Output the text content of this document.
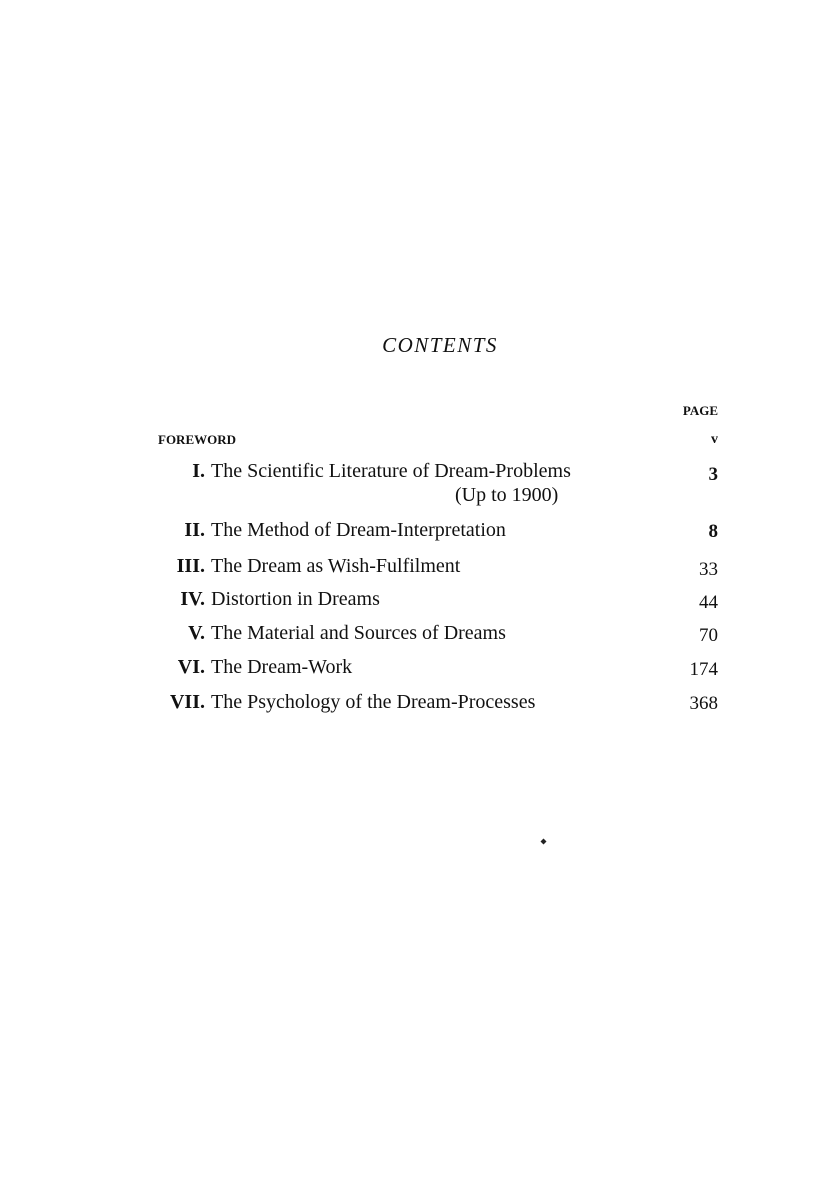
CONTENTS
PAGE
FOREWORD	v
I. The Scientific Literature of Dream-Problems	3
(Up to 1900)
II. The Method of Dream-Interpretation	8
III. The Dream as Wish-Fulfilment	33
IV. Distortion in Dreams	44
V. The Material and Sources of Dreams	70
VI. The Dream-Work	174
VII. The Psychology of the Dream-Processes	368
